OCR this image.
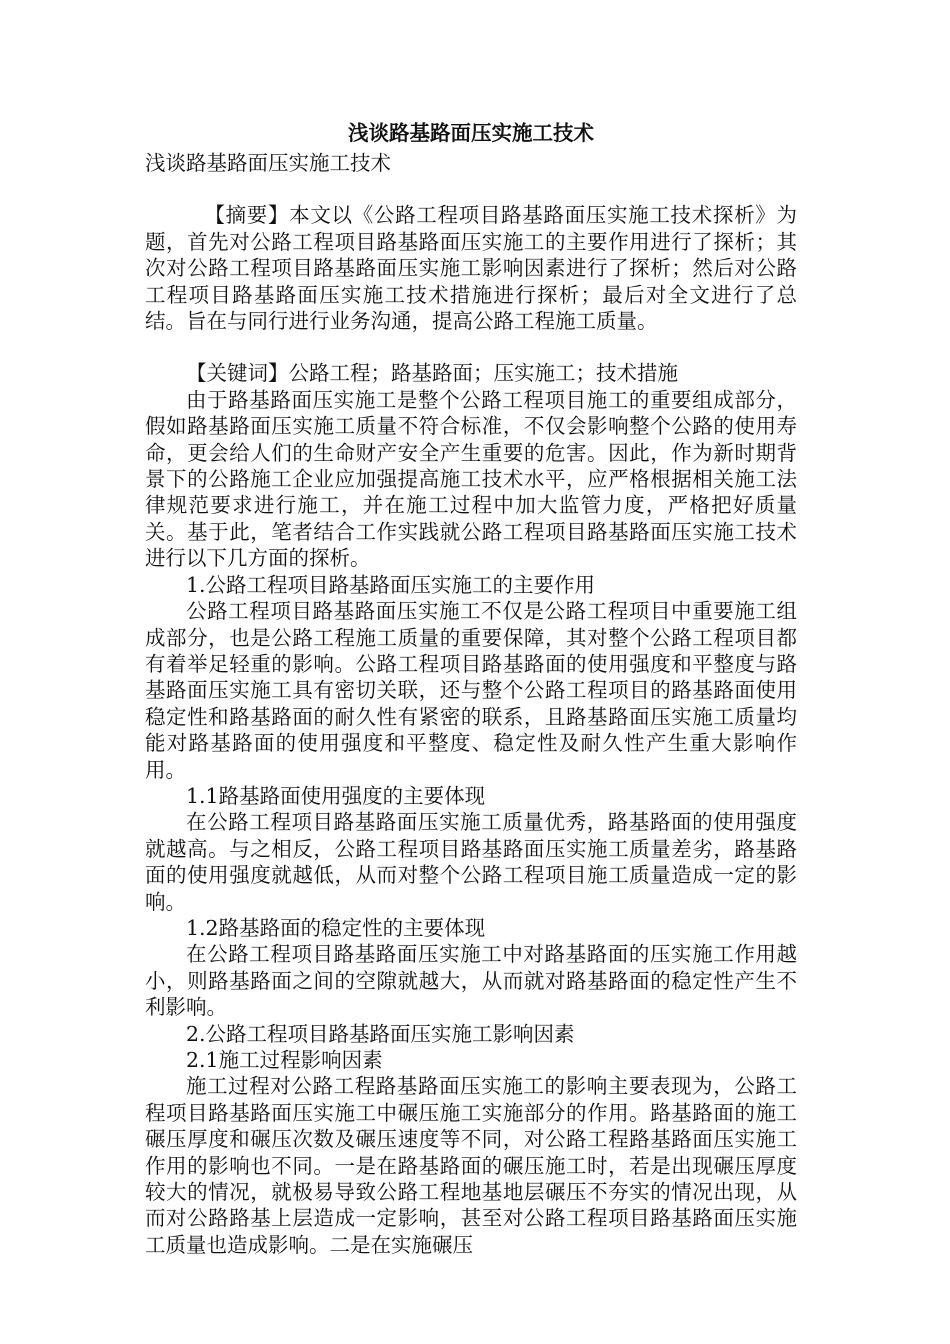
浅谈路基路面压实施工技术

浅谈路基路面压实施工技术

【摘要】本文以《公路工程项目路基路面压实施工技术探析》为题，首先对公路工程项目路基路面压实施工的主要作用进行了探析；其次对公路工程项目路基路面压实施工影响因素进行了探析；然后对公路工程项目路基路面压实施工技术措施进行探析；最后对全文进行了总结。旨在与同行进行业务沟通，提高公路工程施工质量。

【关键词】公路工程；路基路面；压实施工；技术措施

由于路基路面压实施工是整个公路工程项目施工的重要组成部分，假如路基路面压实施工质量不符合标准，不仅会影响整个公路的使用寿命，更会给人们的生命财产安全产生重要的危害。因此，作为新时期背景下的公路施工企业应加强提高施工技术水平，应严格根据相关施工法律规范要求进行施工，并在施工过程中加大监管力度，严格把好质量关。基于此，笔者结合工作实践就公路工程项目路基路面压实施工技术进行以下几方面的探析。

1.公路工程项目路基路面压实施工的主要作用

公路工程项目路基路面压实施工不仅是公路工程项目中重要施工组成部分，也是公路工程施工质量的重要保障，其对整个公路工程项目都有着举足轻重的影响。公路工程项目路基路面的使用强度和平整度与路基路面压实施工具有密切关联，还与整个公路工程项目的路基路面使用稳定性和路基路面的耐久性有紧密的联系，且路基路面压实施工质量均能对路基路面的使用强度和平整度、稳定性及耐久性产生重大影响作用。

1.1路基路面使用强度的主要体现

在公路工程项目路基路面压实施工质量优秀，路基路面的使用强度就越高。与之相反，公路工程项目路基路面压实施工质量差劣，路基路面的使用强度就越低，从而对整个公路工程项目施工质量造成一定的影响。

1.2路基路面的稳定性的主要体现

在公路工程项目路基路面压实施工中对路基路面的压实施工作用越小，则路基路面之间的空隙就越大，从而就对路基路面的稳定性产生不利影响。

2.公路工程项目路基路面压实施工影响因素

2.1施工过程影响因素

施工过程对公路工程路基路面压实施工的影响主要表现为，公路工程项目路基路面压实施工中碾压施工实施部分的作用。路基路面的施工碾压厚度和碾压次数及碾压速度等不同，对公路工程路基路面压实施工作用的影响也不同。一是在路基路面的碾压施工时，若是出现碾压厚度较大的情况，就极易导致公路工程地基地层碾压不夯实的情况出现，从而对公路路基上层造成一定影响，甚至对公路工程项目路基路面压实施工质量也造成影响。二是在实施碾压
